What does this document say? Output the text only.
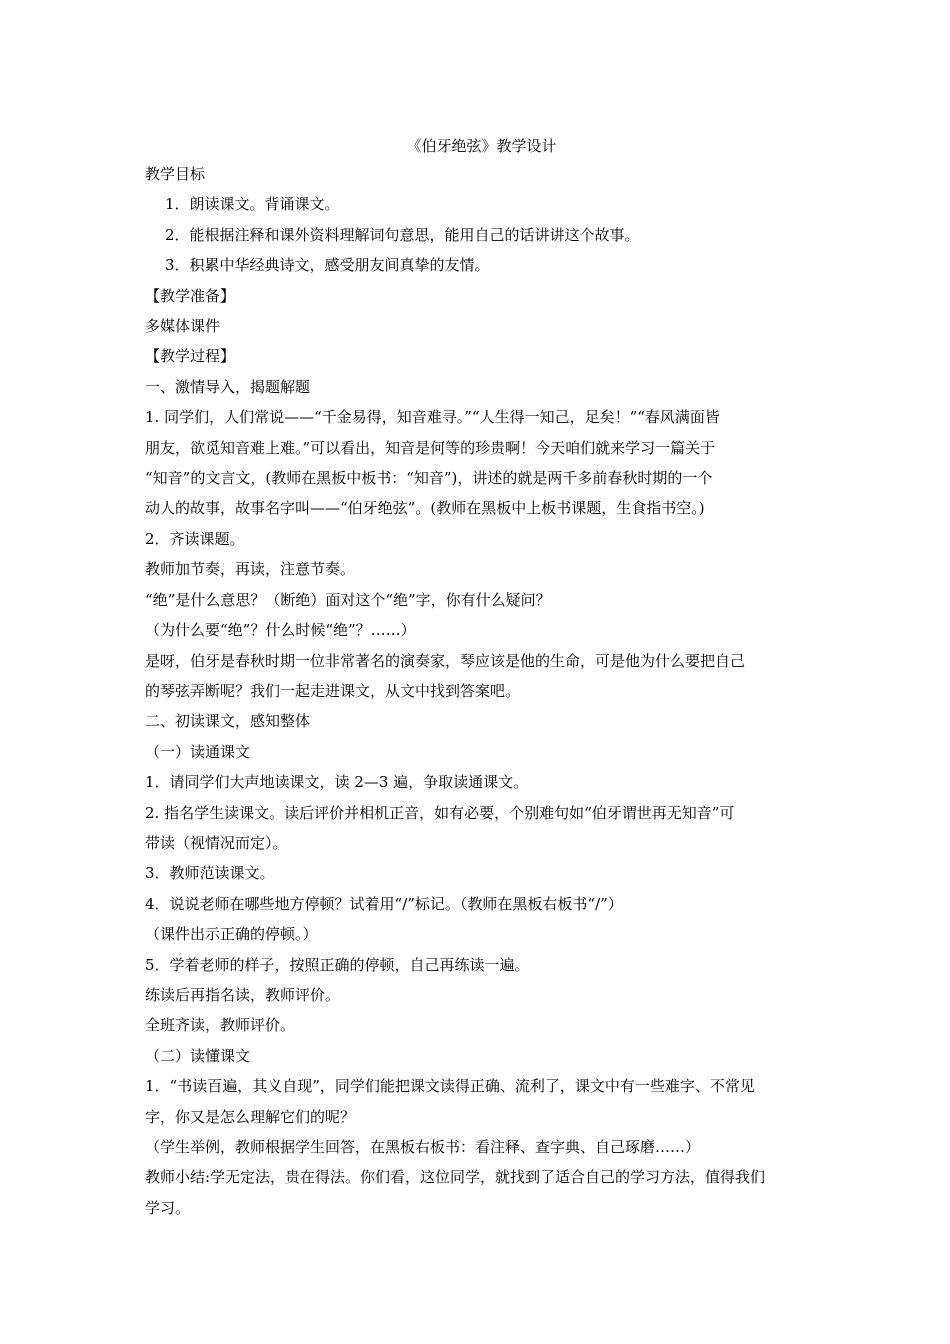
《伯牙绝弦》教学设计

教学目标

1．朗读课文。背诵课文。

2．能根据注释和课外资料理解词句意思，能用自己的话讲讲这个故事。

3．积累中华经典诗文，感受朋友间真挚的友情。

【教学准备】

多媒体课件

【教学过程】

一、激情导入，揭题解题

1. 同学们，人们常说——“千金易得，知音难寻。”“人生得一知己，足矣！”“春风满面皆

朋友，欲觅知音难上难。”可以看出，知音是何等的珍贵啊！今天咱们就来学习一篇关于

“知音”的文言文，(教师在黑板中板书：“知音”)，讲述的就是两千多前春秋时期的一个

动人的故事，故事名字叫——“伯牙绝弦”。(教师在黑板中上板书课题，生食指书空。)

2．齐读课题。

教师加节奏，再读，注意节奏。

“绝”是什么意思？（断绝）面对这个“绝”字，你有什么疑问？

（为什么要“绝”？什么时候“绝”？……）

是呀，伯牙是春秋时期一位非常著名的演奏家，琴应该是他的生命，可是他为什么要把自己

的琴弦弄断呢？我们一起走进课文，从文中找到答案吧。

二、初读课文，感知整体

（一）读通课文

1．请同学们大声地读课文，读 2—3 遍，争取读通课文。

2. 指名学生读课文。读后评价并相机正音，如有必要，个别难句如“伯牙谓世再无知音”可

带读（视情况而定）。

3．教师范读课文。

4．说说老师在哪些地方停顿？试着用“/”标记。（教师在黑板右板书“/”）

（课件出示正确的停顿。）

5．学着老师的样子，按照正确的停顿，自己再练读一遍。

练读后再指名读，教师评价。

全班齐读，教师评价。

（二）读懂课文

1．“书读百遍，其义自现”，同学们能把课文读得正确、流利了，课文中有一些难字、不常见

字，你又是怎么理解它们的呢？

（学生举例，教师根据学生回答，在黑板右板书：看注释、查字典、自己琢磨……）

教师小结:学无定法，贵在得法。你们看，这位同学，就找到了适合自己的学习方法，值得我们

学习。
